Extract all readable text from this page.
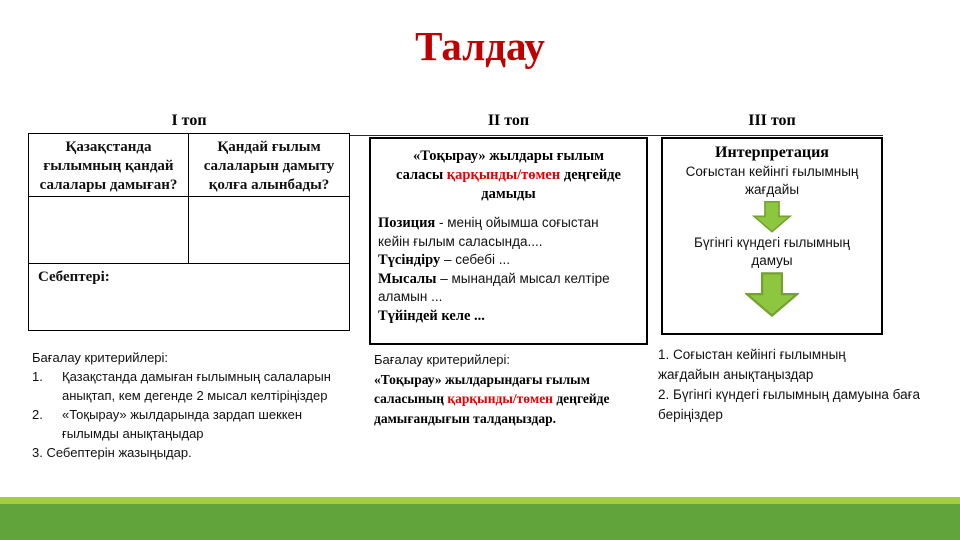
Талдау
I топ
Қазақстанда ғылымның қандай салалары дамыған?
Қандай ғылым салаларын дамыту қолға алынбады?
Себептері:
Бағалау критерийлері:
1.	Қазақстанда дамыған ғылымның салаларын
анықтап, кем дегенде 2 мысал келтіріңіздер
2.	«Тоқырау» жылдарында зардап шеккен
ғылымды анықтаңыдар
3. Себептерін жазыңыдар.
II топ
«Тоқырау» жылдары ғылым
саласы қарқынды/төмен деңгейде
дамыды
Позиция - менің ойымша соғыстан
кейін ғылым саласында....
Түсіндіру – себебі ...
Мысалы – мынандай мысал келтіре
аламын ...
Түйіндей келе ...
Бағалау критерийлері:
«Тоқырау» жылдарындағы ғылым
саласының қарқынды/төмен деңгейде
дамығандығын талдаңыздар.
III топ
Интерпретация
Соғыстан кейінгі ғылымның жағдайы
Бүгінгі күндегі ғылымның дамуы
1. Соғыстан кейінгі ғылымның
жағдайын анықтаңыздар
2. Бүгінгі күндегі ғылымның дамуына баға
беріңіздер
